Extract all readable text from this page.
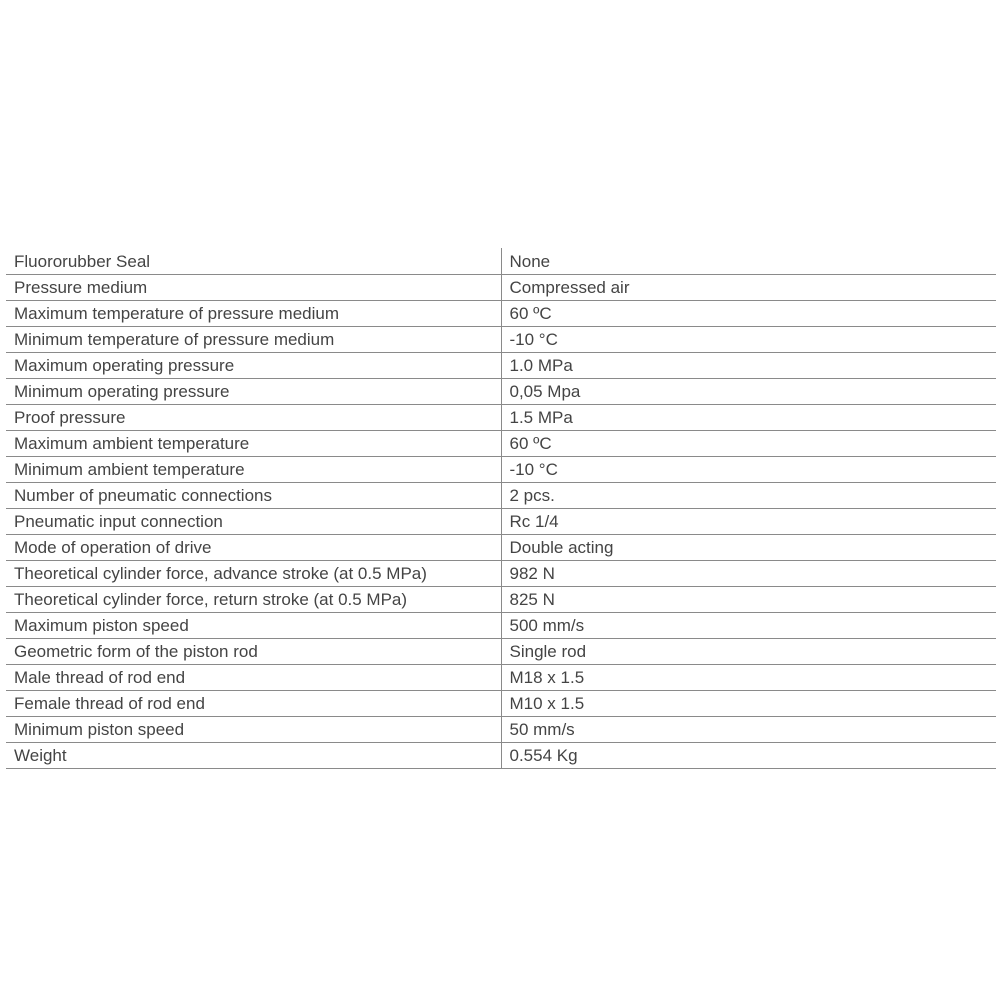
Fluororubber Seal	None
Pressure medium	Compressed air
Maximum temperature of pressure medium	60 ºC
Minimum temperature of pressure medium	-10 °C
Maximum operating pressure	1.0 MPa
Minimum operating pressure	0,05 Mpa
Proof pressure	1.5 MPa
Maximum ambient temperature	60 ºC
Minimum ambient temperature	-10 °C
Number of pneumatic connections	2 pcs.
Pneumatic input connection	Rc 1/4
Mode of operation of drive	Double acting
Theoretical cylinder force, advance stroke (at 0.5 MPa)	982 N
Theoretical cylinder force, return stroke (at 0.5 MPa)	825 N
Maximum piston speed	500 mm/s
Geometric form of the piston rod	Single rod
Male thread of rod end	M18 x 1.5
Female thread of rod end	M10 x 1.5
Minimum piston speed	50 mm/s
Weight	0.554 Kg
